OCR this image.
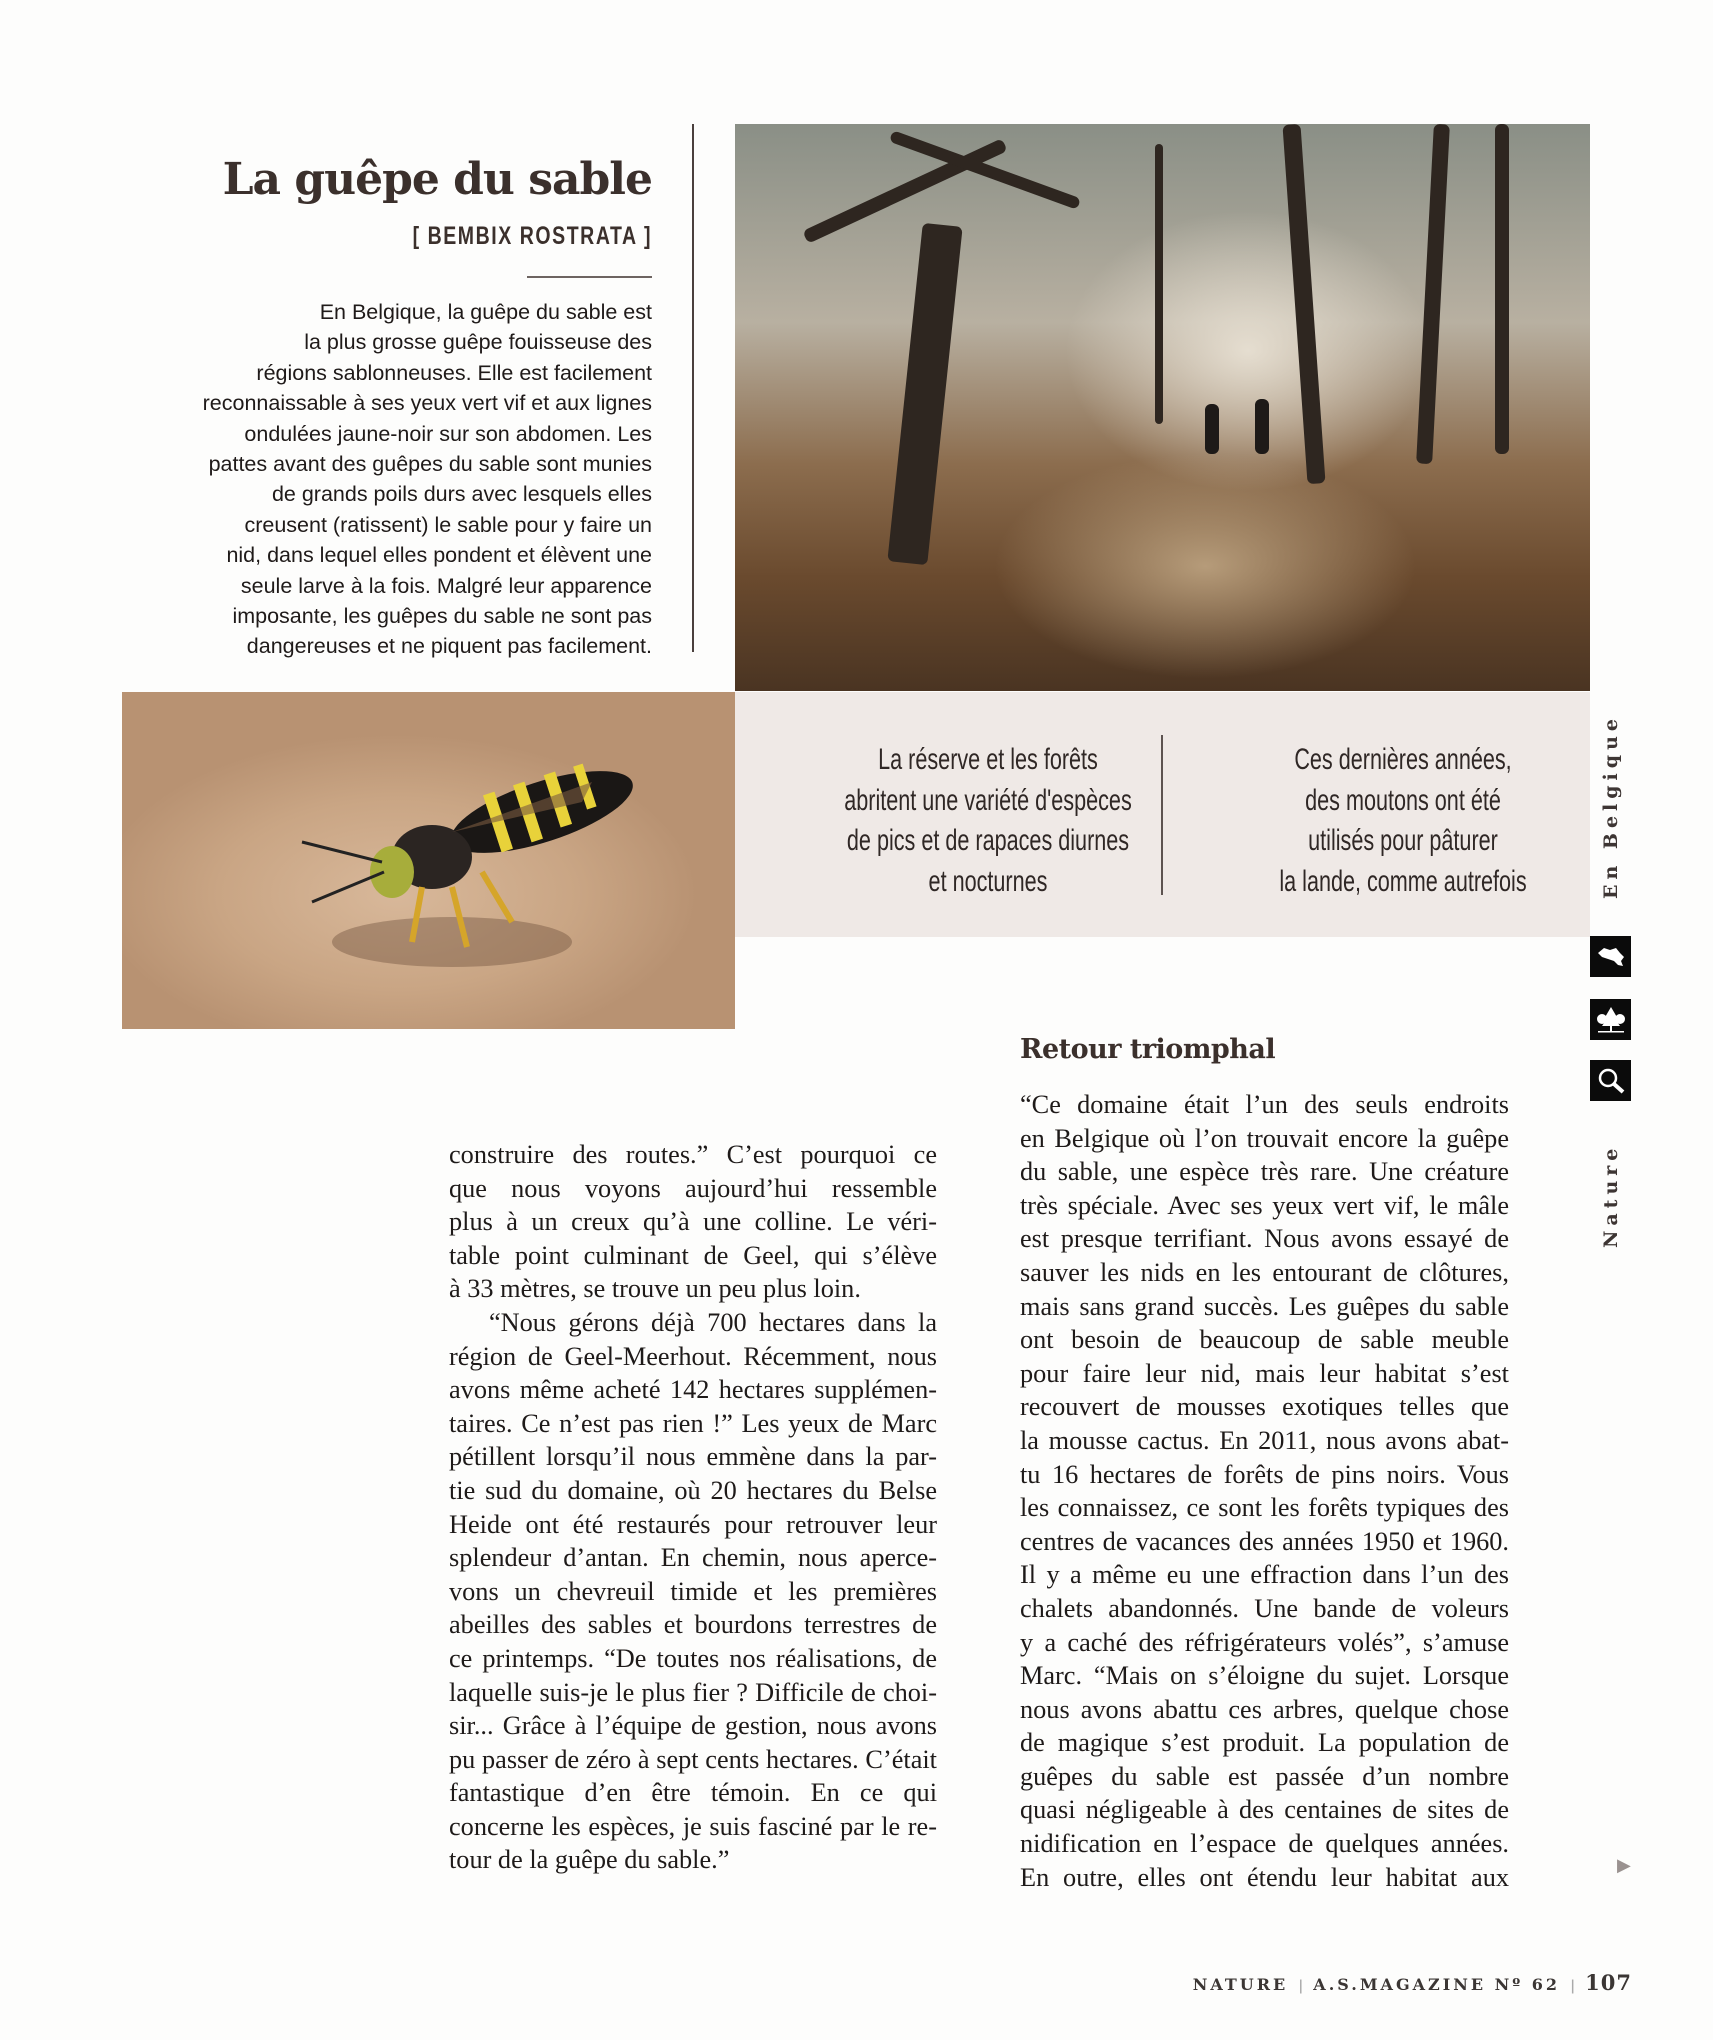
La guêpe du sable
[ BEMBIX ROSTRATA ]
En Belgique, la guêpe du sable est
la plus grosse guêpe fouisseuse des
régions sablonneuses. Elle est facilement
reconnaissable à ses yeux vert vif et aux lignes
ondulées jaune-noir sur son abdomen. Les
pattes avant des guêpes du sable sont munies
de grands poils durs avec lesquels elles
creusent (ratissent) le sable pour y faire un
nid, dans lequel elles pondent et élèvent une
seule larve à la fois. Malgré leur apparence
imposante, les guêpes du sable ne sont pas
dangereuses et ne piquent pas facilement.

La réserve et les forêts
abritent une variété d'espèces
de pics et de rapaces diurnes
et nocturnes
Ces dernières années,
des moutons ont été
utilisés pour pâturer
la lande, comme autrefois	En Belgique
Nature
construire des routes.” C’est pourquoi ce
que nous voyons aujourd’hui ressemble
plus à un creux qu’à une colline. Le véri-
table point culminant de Geel, qui s’élève
à 33 mètres, se trouve un peu plus loin.
“Nous gérons déjà 700 hectares dans la
région de Geel-Meerhout. Récemment, nous
avons même acheté 142 hectares supplémen-
taires. Ce n’est pas rien !” Les yeux de Marc
pétillent lorsqu’il nous emmène dans la par-
tie sud du domaine, où 20 hectares du Belse
Heide ont été restaurés pour retrouver leur
splendeur d’antan. En chemin, nous aperce-
vons un chevreuil timide et les premières
abeilles des sables et bourdons terrestres de
ce printemps. “De toutes nos réalisations, de
laquelle suis-je le plus fier ? Difficile de choi-
sir... Grâce à l’équipe de gestion, nous avons
pu passer de zéro à sept cents hectares. C’était
fantastique d’en être témoin. En ce qui
concerne les espèces, je suis fasciné par le re-
tour de la guêpe du sable.”
Retour triomphal
“Ce domaine était l’un des seuls endroits
en Belgique où l’on trouvait encore la guêpe
du sable, une espèce très rare. Une créature
très spéciale. Avec ses yeux vert vif, le mâle
est presque terrifiant. Nous avons essayé de
sauver les nids en les entourant de clôtures,
mais sans grand succès. Les guêpes du sable
ont besoin de beaucoup de sable meuble
pour faire leur nid, mais leur habitat s’est
recouvert de mousses exotiques telles que
la mousse cactus. En 2011, nous avons abat-
tu 16 hectares de forêts de pins noirs. Vous
les connaissez, ce sont les forêts typiques des
centres de vacances des années 1950 et 1960.
Il y a même eu une effraction dans l’un des
chalets abandonnés. Une bande de voleurs
y a caché des réfrigérateurs volés”, s’amuse
Marc. “Mais on s’éloigne du sujet. Lorsque
nous avons abattu ces arbres, quelque chose
de magique s’est produit. La population de
guêpes du sable est passée d’un nombre
quasi négligeable à des centaines de sites de
nidification en l’espace de quelques années.
En outre, elles ont étendu leur habitat aux	▶
NATURE | A.S.MAGAZINE Nº 62 | 107
